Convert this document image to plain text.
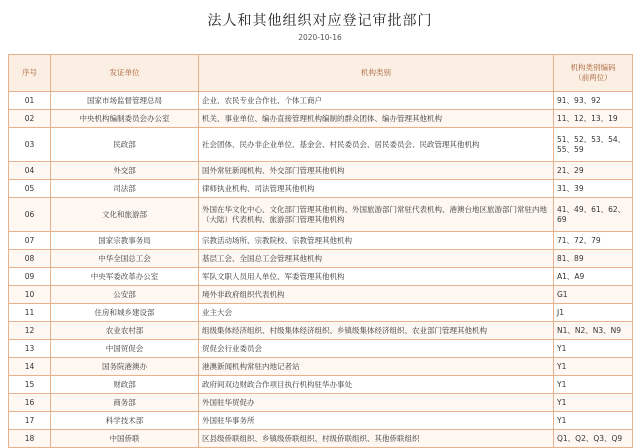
法人和其他组织对应登记审批部门
2020-10-16
序号	发证单位	机构类别	机构类别编码
（前两位）

01	国家市场监督管理总局	企业、农民专业合作社、个体工商户	91、93、92
02	中央机构编制委员会办公室	机关、事业单位、编办直接管理机构编制的群众团体、编办管理其他机构	11、12、13、19
03	民政部	社会团体、民办非企业单位、基金会、村民委员会、居民委员会、民政管理其他机构	51、52、53、54、55、59
04	外交部	国外常驻新闻机构、外交部门管理其他机构	21、29
05	司法部	律师执业机构、司法管理其他机构	31、39
06	文化和旅游部	外国在华文化中心、文化部门管理其他机构、外国旅游部门常驻代表机构、港澳台地区旅游部门常驻内地（大陆）代表机构、旅游部门管理其他机构	41、49、61、62、69
07	国家宗教事务局	宗教活动场所、宗教院校、宗教管理其他机构	71、72、79
08	中华全国总工会	基层工会、全国总工会管理其他机构	81、89
09	中央军委改革办公室	军队文职人员用人单位、军委管理其他机构	A1、A9
10	公安部	境外非政府组织代表机构	G1
11	住房和城乡建设部	业主大会	J1
12	农业农村部	组级集体经济组织、村级集体经济组织、乡镇级集体经济组织、农业部门管理其他机构	N1、N2、N3、N9
13	中国贸促会	贸促会行业委员会	Y1
14	国务院港澳办	港澳新闻机构常驻内地记者站	Y1
15	财政部	政府间双边财政合作项目执行机构驻华办事处	Y1
16	商务部	外国驻华贸促办	Y1
17	科学技术部	外国驻华事务所	Y1
18	中国侨联	区县级侨联组织、乡镇级侨联组织、村级侨联组织、其他侨联组织	Q1、Q2、Q3、Q9
